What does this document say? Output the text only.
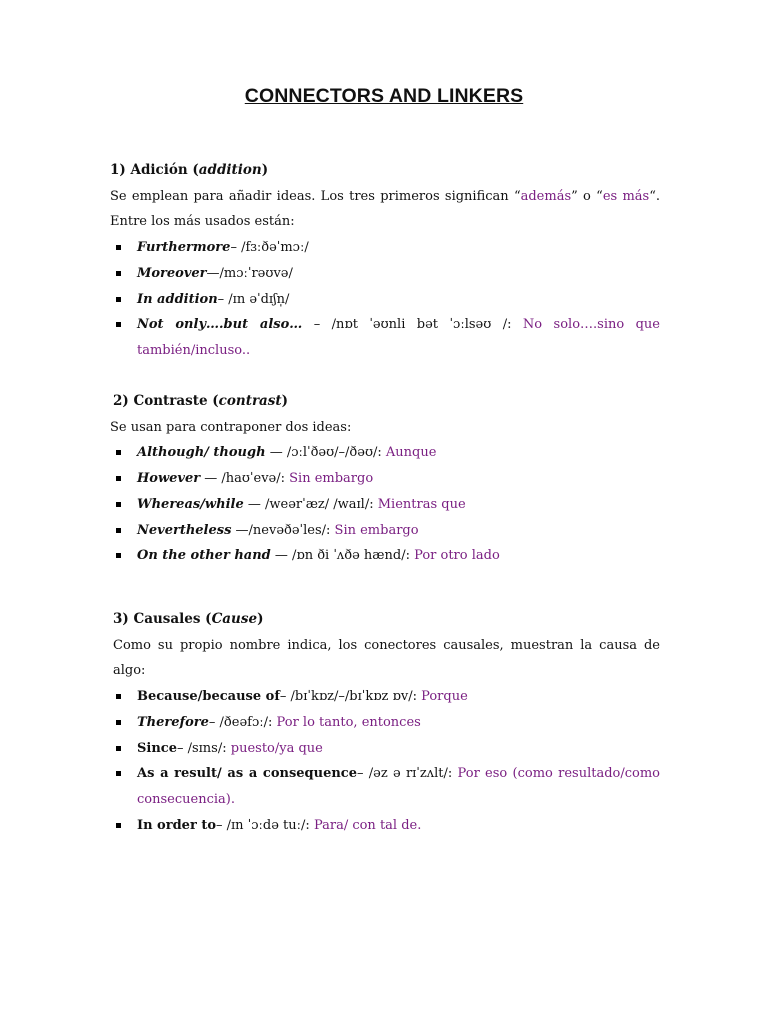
CONNECTORS AND LINKERS
1) Adición (addition)
Se emplean para añadir ideas. Los tres primeros significan “además” o “es más“. Entre los más usados están:
Furthermore– /fɜːðəˈmɔː/
Moreover—/mɔːˈrəʊvə/
In addition– /ɪn əˈdɪʃn̩/
Not only….but also… – /nɒt ˈəʊnli bət ˈɔːlsəʊ /: No solo….sino que también/incluso..
2) Contraste (contrast)
Se usan para contraponer dos ideas:
Although/ though — /ɔːlˈðəʊ/–/ðəʊ/: Aunque
However — /haʊˈevə/: Sin embargo
Whereas/while — /weərˈæz/ /waɪl/: Mientras que
Nevertheless —/nevəðəˈles/: Sin embargo
On the other hand — /ɒn ði ˈʌðə hænd/: Por otro lado
3) Causales (Cause)
Como su propio nombre indica, los conectores causales, muestran la causa de algo:
Because/because of– /bɪˈkɒz/–/bɪˈkɒz ɒv/: Porque
Therefore– /ðeəfɔː/: Por lo tanto, entonces
Since– /sɪns/: puesto/ya que
As a result/ as a consequence– /əz ə rɪˈzʌlt/: Por eso (como resultado/como consecuencia).
In order to– /ɪn ˈɔːdə tuː/: Para/ con tal de.
